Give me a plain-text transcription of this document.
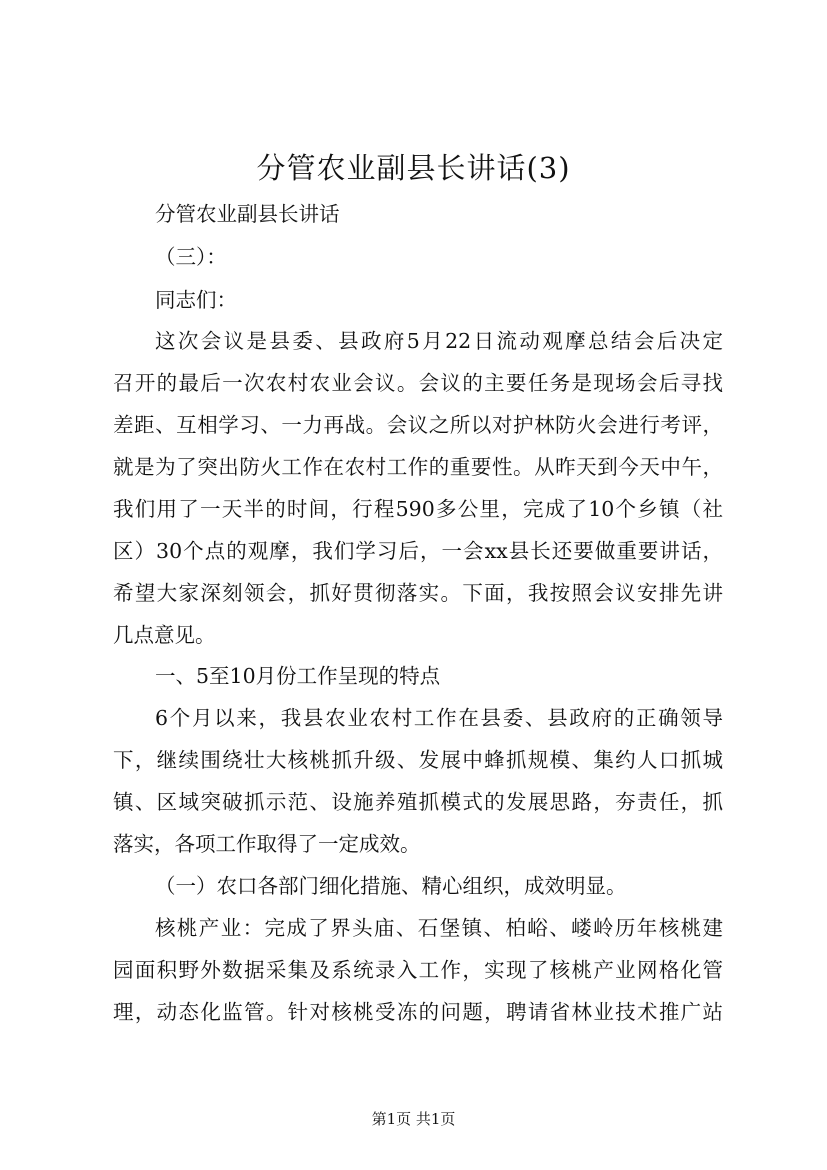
分管农业副县长讲话(3)
分管农业副县长讲话
（三）：
同志们：
这次会议是县委、县政府5月22日流动观摩总结会后决定
召开的最后一次农村农业会议。会议的主要任务是现场会后寻找
差距、互相学习、一力再战。会议之所以对护林防火会进行考评，
就是为了突出防火工作在农村工作的重要性。从昨天到今天中午，
我们用了一天半的时间，行程590多公里，完成了10个乡镇（社
区）30个点的观摩，我们学习后，一会xx县长还要做重要讲话，
希望大家深刻领会，抓好贯彻落实。下面，我按照会议安排先讲
几点意见。
一、5至10月份工作呈现的特点
6个月以来，我县农业农村工作在县委、县政府的正确领导
下，继续围绕壮大核桃抓升级、发展中蜂抓规模、集约人口抓城
镇、区域突破抓示范、设施养殖抓模式的发展思路，夯责任，抓
落实，各项工作取得了一定成效。
（一）农口各部门细化措施、精心组织，成效明显。
核桃产业：完成了界头庙、石堡镇、柏峪、嵝岭历年核桃建
园面积野外数据采集及系统录入工作，实现了核桃产业网格化管
理，动态化监管。针对核桃受冻的问题，聘请省林业技术推广站
第1页 共1页
